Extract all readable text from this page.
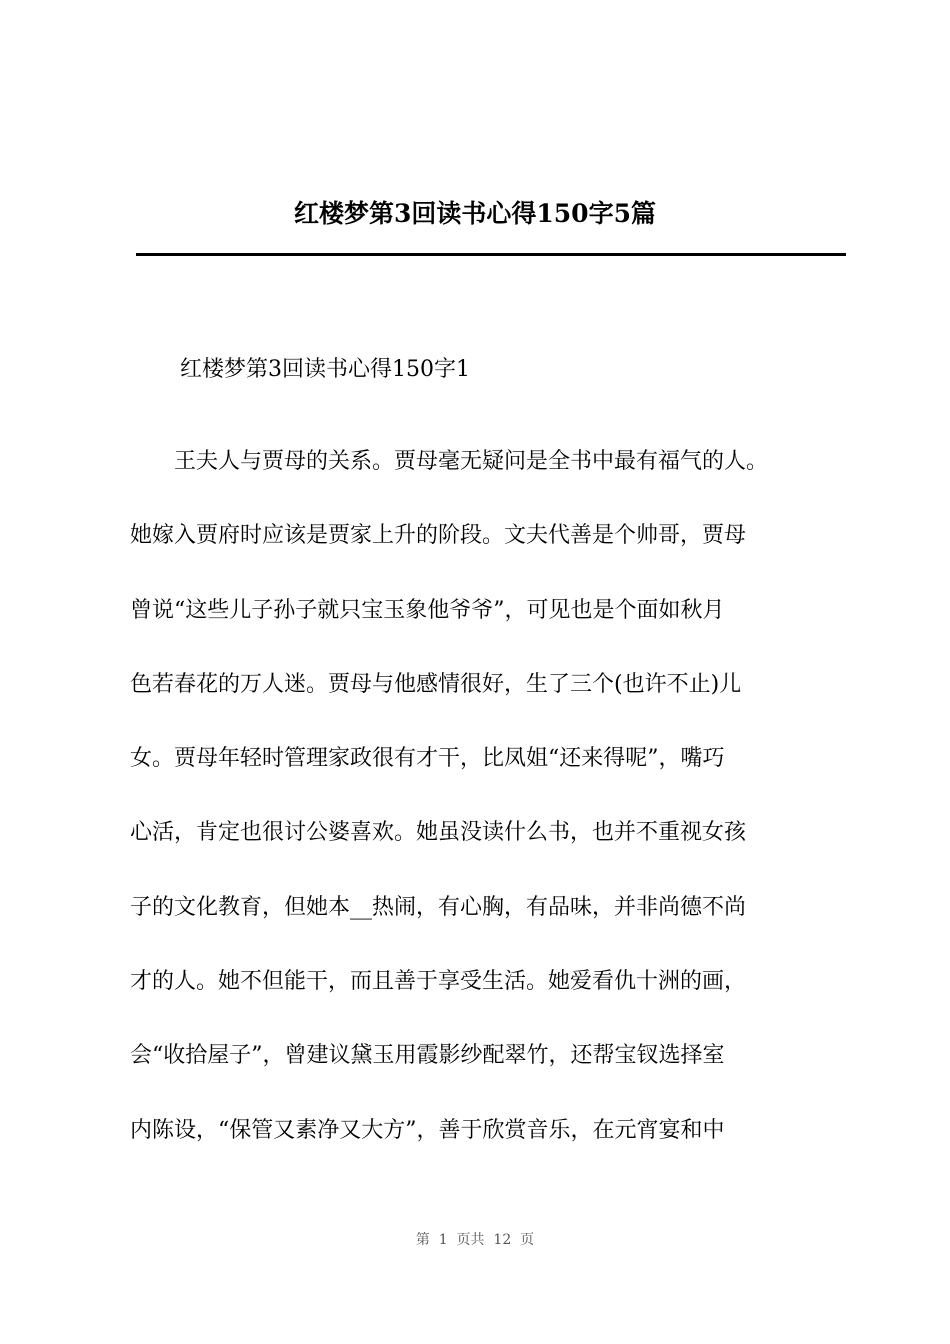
红楼梦第3回读书心得150字5篇

红楼梦第3回读书心得150字1

　　王夫人与贾母的关系。贾母毫无疑问是全书中最有福气的人。
她嫁入贾府时应该是贾家上升的阶段。文夫代善是个帅哥，贾母
曾说“这些儿子孙子就只宝玉象他爷爷”，可见也是个面如秋月
色若春花的万人迷。贾母与他感情很好，生了三个(也许不止)儿
女。贾母年轻时管理家政很有才干，比凤姐“还来得呢”，嘴巧
心活，肯定也很讨公婆喜欢。她虽没读什么书，也并不重视女孩
子的文化教育，但她本__热闹，有心胸，有品味，并非尚德不尚
才的人。她不但能干，而且善于享受生活。她爱看仇十洲的画，
会“收拾屋子”，曾建议黛玉用霞影纱配翠竹，还帮宝钗选择室
内陈设，“保管又素净又大方”，善于欣赏音乐，在元宵宴和中
第  1  页共  12  页
